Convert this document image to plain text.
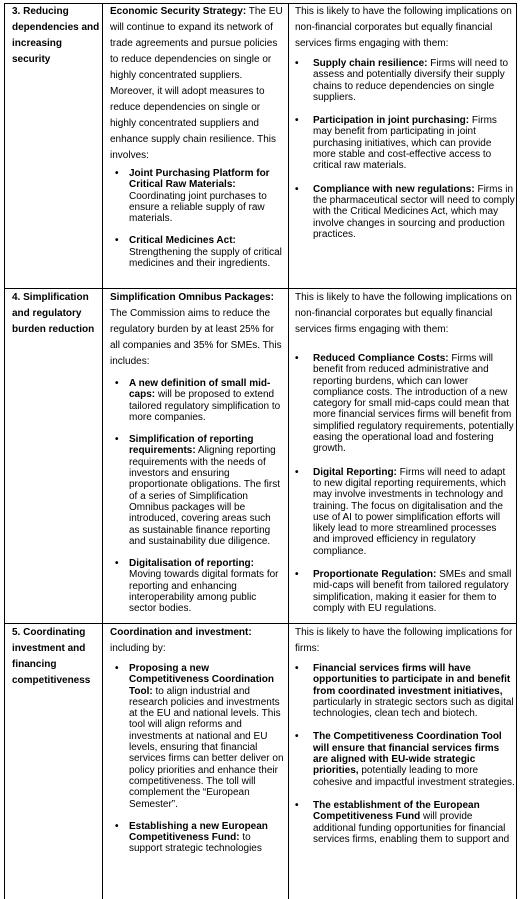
3. Reducing dependencies and increasing security

Economic Security Strategy: The EU will continue to expand its network of trade agreements and pursue policies to reduce dependencies on single or highly concentrated suppliers. Moreover, it will adopt measures to reduce dependencies on single or highly concentrated suppliers and enhance supply chain resilience. This involves:

• Joint Purchasing Platform for Critical Raw Materials: Coordinating joint purchases to ensure a reliable supply of raw materials.
• Critical Medicines Act: Strengthening the supply of critical medicines and their ingredients.

This is likely to have the following implications on non-financial corporates but equally financial services firms engaging with them:

• Supply chain resilience: Firms will need to assess and potentially diversify their supply chains to reduce dependencies on single suppliers.
• Participation in joint purchasing: Firms may benefit from participating in joint purchasing initiatives, which can provide more stable and cost-effective access to critical raw materials.
• Compliance with new regulations: Firms in the pharmaceutical sector will need to comply with the Critical Medicines Act, which may involve changes in sourcing and production practices.
4. Simplification and regulatory burden reduction

Simplification Omnibus Packages: The Commission aims to reduce the regulatory burden by at least 25% for all companies and 35% for SMEs. This includes:

• A new definition of small mid-caps: will be proposed to extend tailored regulatory simplification to more companies.
• Simplification of reporting requirements: Aligning reporting requirements with the needs of investors and ensuring proportionate obligations. The first of a series of Simplification Omnibus packages will be introduced, covering areas such as sustainable finance reporting and sustainability due diligence.
• Digitalisation of reporting: Moving towards digital formats for reporting and enhancing interoperability among public sector bodies.

This is likely to have the following implications on non-financial corporates but equally financial services firms engaging with them:

• Reduced Compliance Costs: Firms will benefit from reduced administrative and reporting burdens, which can lower compliance costs. The introduction of a new category for small mid-caps could mean that more financial services firms will benefit from simplified regulatory requirements, potentially easing the operational load and fostering growth.
• Digital Reporting: Firms will need to adapt to new digital reporting requirements, which may involve investments in technology and training. The focus on digitalisation and the use of AI to power simplification efforts will likely lead to more streamlined processes and improved efficiency in regulatory compliance.
• Proportionate Regulation: SMEs and small mid-caps will benefit from tailored regulatory simplification, making it easier for them to comply with EU regulations.
5. Coordinating investment and financing competitiveness

Coordination and investment:
including by:

• Proposing a new Competitiveness Coordination Tool: to align industrial and research policies and investments at the EU and national levels. This tool will align reforms and investments at national and EU levels, ensuring that financial services firms can better deliver on policy priorities and enhance their competitiveness. The toll will complement the “European Semester”.
• Establishing a new European Competitiveness Fund: to support strategic technologies

This is likely to have the following implications for firms:

• Financial services firms will have opportunities to participate in and benefit from coordinated investment initiatives, particularly in strategic sectors such as digital technologies, clean tech and biotech.
• The Competitiveness Coordination Tool will ensure that financial services firms are aligned with EU-wide strategic priorities, potentially leading to more cohesive and impactful investment strategies.
• The establishment of the European Competitiveness Fund will provide additional funding opportunities for financial services firms, enabling them to support and
